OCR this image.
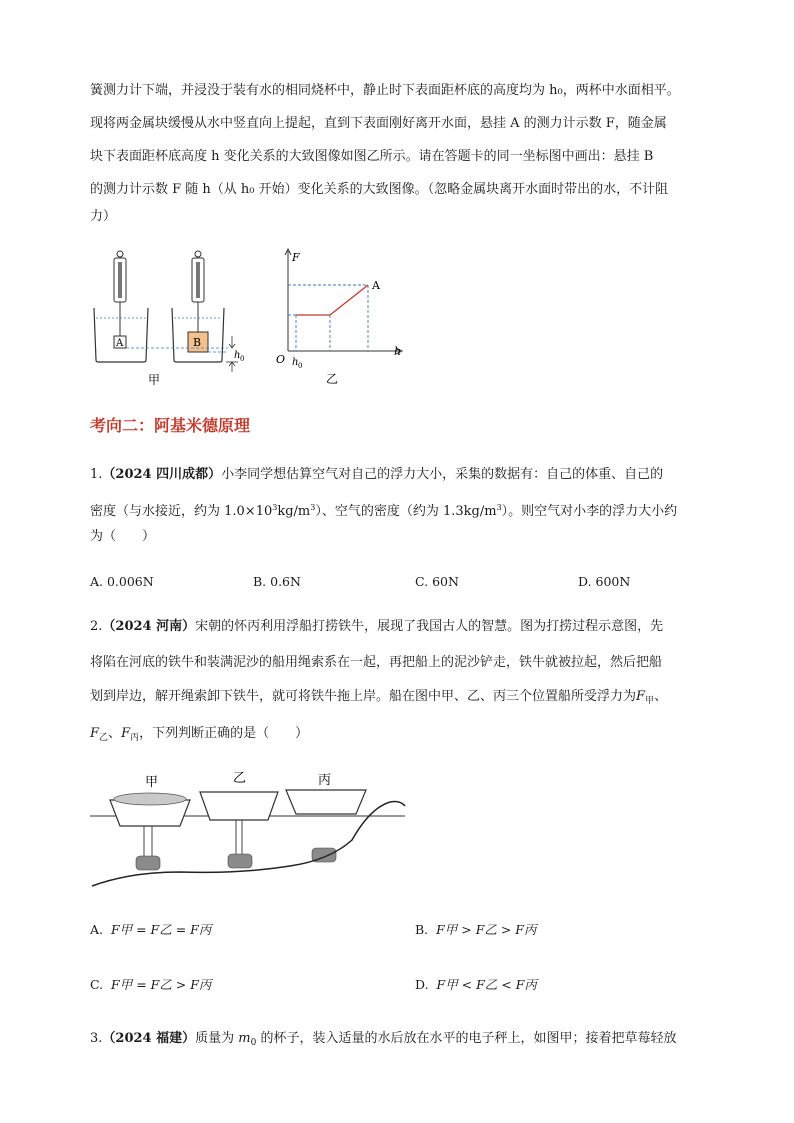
簧测力计下端，并浸没于装有水的相同烧杯中，静止时下表面距杯底的高度均为 h₀，两杯中水面相平。
现将两金属块缓慢从水中竖直向上提起，直到下表面刚好离开水面，悬挂 A 的测力计示数 F，随金属
块下表面距杯底高度 h 变化关系的大致图像如图乙所示。请在答题卡的同一坐标图中画出：悬挂 B
的测力计示数 F 随 h（从 h₀ 开始）变化关系的大致图像。（忽略金属块离开水面时带出的水，不计阻
力）
A	B
h 0
甲
F
A
O h 0
h
乙
考向二：阿基米德原理
1.（2024 四川成都）小李同学想估算空气对自己的浮力大小，采集的数据有：自己的体重、自己的
密度（与水接近，约为 $1.0\times 10^3kg/m^3$）、空气的密度（约为 $1.3kg/m^3$）。则空气对小李的浮力大小约
为（　　）
A. 0.006N	B. 0.6N	C. 60N	D. 600N
2.（2024 河南）宋朝的怀丙利用浮船打捞铁牛，展现了我国古人的智慧。图为打捞过程示意图，先
将陷在河底的铁牛和装满泥沙的船用绳索系在一起，再把船上的泥沙铲走，铁牛就被拉起，然后把船
划到岸边，解开绳索卸下铁牛，就可将铁牛拖上岸。船在图中甲、乙、丙三个位置船所受浮力为$F_甲$、
$F_乙$、$F_丙$，下列判断正确的是（　　）
甲	乙	丙
A. F甲 = F乙 = F丙	B. F甲 > F乙 > F丙
C. F甲 = F乙 > F丙	D. F甲 < F乙 < F丙
3.（2024 福建）质量为 $m_0$ 的杯子，装入适量的水后放在水平的电子秤上，如图甲；接着把草莓轻放
